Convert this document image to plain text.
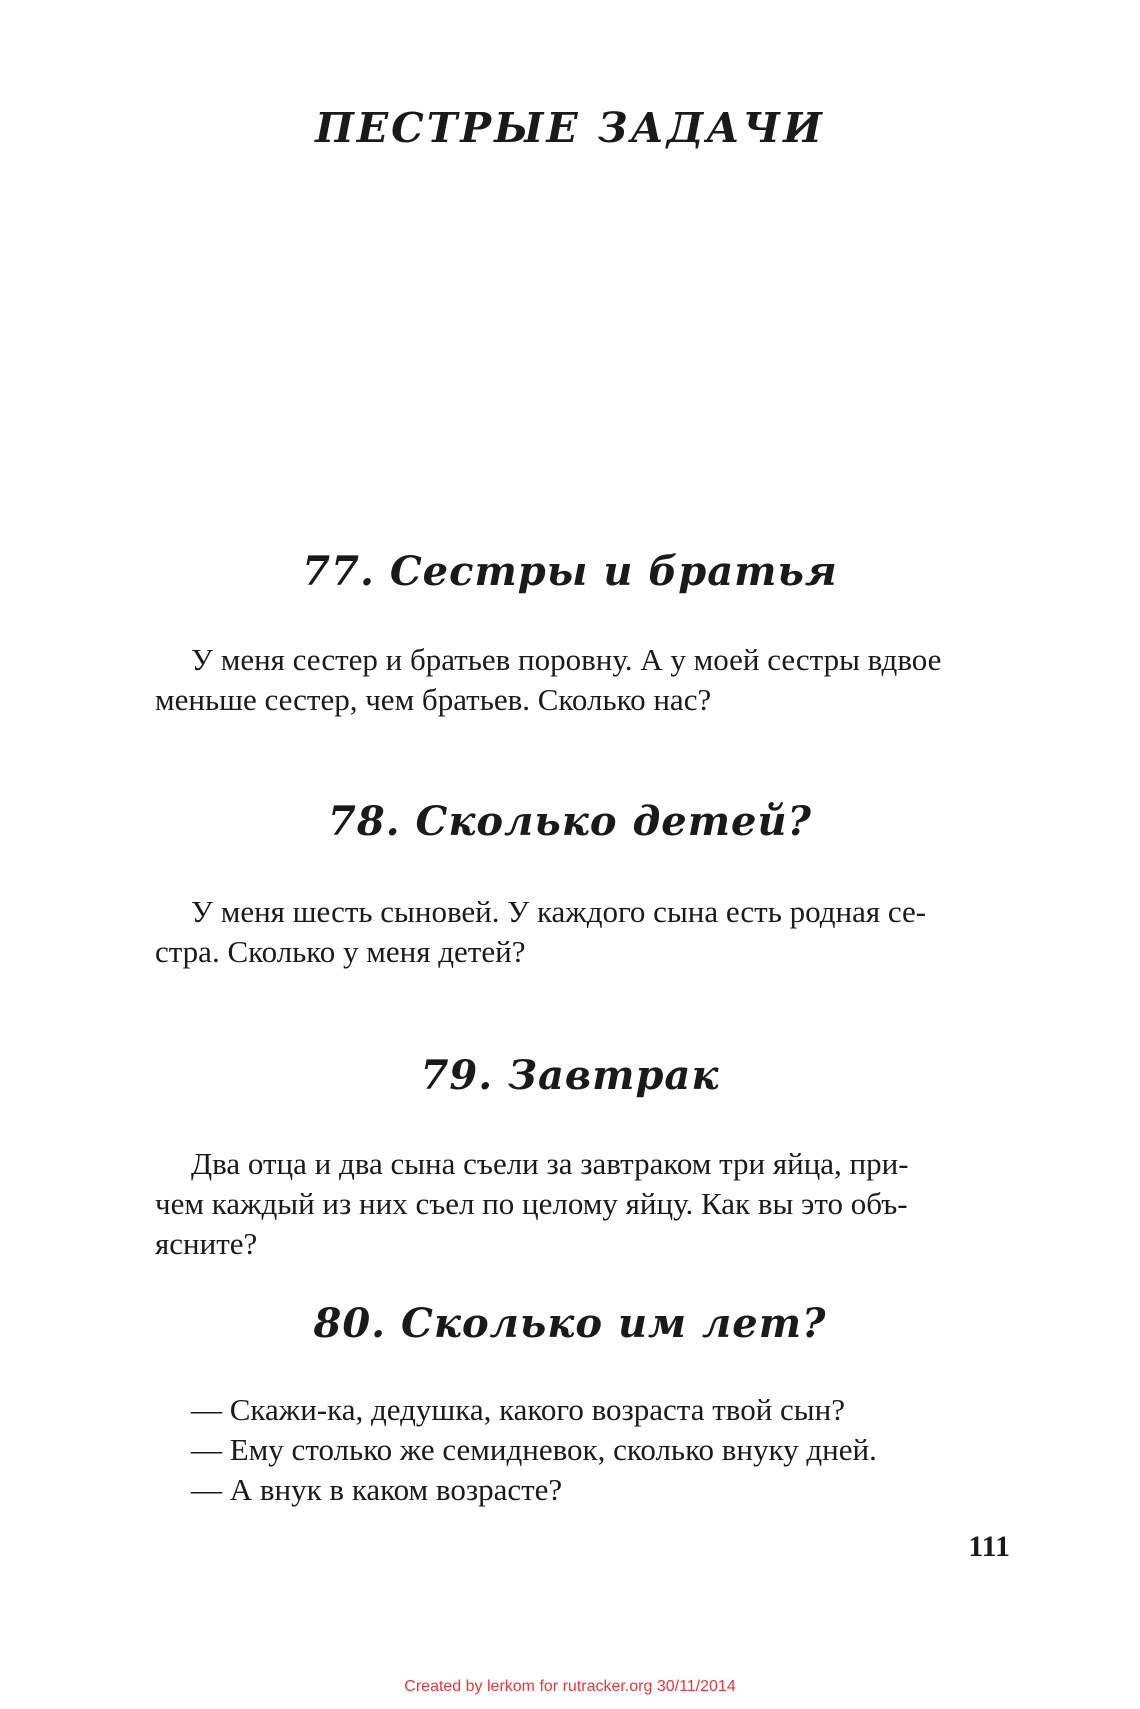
ПЕСТРЫЕ ЗАДАЧИ
77. Сестры и братья
У меня сестер и братьев поровну. А у моей сестры вдвое
меньше сестер, чем братьев. Сколько нас?
78. Сколько детей?
У меня шесть сыновей. У каждого сына есть родная се-
стра. Сколько у меня детей?
79. Завтрак
Два отца и два сына съели за завтраком три яйца, при-
чем каждый из них съел по целому яйцу. Как вы это объ-
ясните?
80. Сколько им лет?
— Скажи-ка, дедушка, какого возраста твой сын?
— Ему столько же семидневок, сколько внуку дней.
— А внук в каком возрасте?
111
Created by lerkom for rutracker.org 30/11/2014
